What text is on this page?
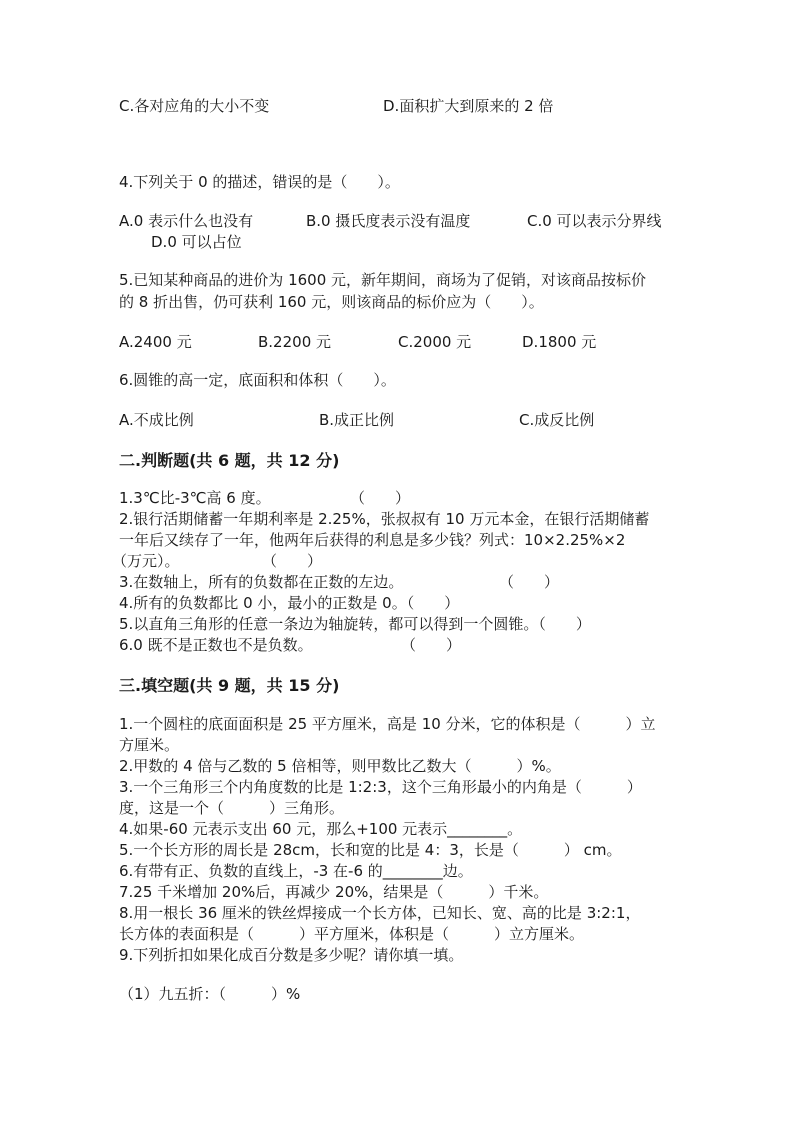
C.各对应角的大小不变	D.面积扩大到原来的 2 倍
4.下列关于 0 的描述，错误的是（　　）。
A.0 表示什么也没有	B.0 摄氏度表示没有温度	C.0 可以表示分界线
D.0 可以占位
5.已知某种商品的进价为 1600 元，新年期间，商场为了促销，对该商品按标价
的 8 折出售，仍可获利 160 元，则该商品的标价应为（　　）。
A.2400 元	B.2200 元	C.2000 元	D.1800 元
6.圆锥的高一定，底面积和体积（　　）。
A.不成比例	B.成正比例	C.成反比例
二.判断题(共 6 题，共 12 分)
1.3℃比-3℃高 6 度。	（　　）
2.银行活期储蓄一年期利率是 2.25%，张叔叔有 10 万元本金，在银行活期储蓄
一年后又续存了一年，他两年后获得的利息是多少钱？列式：10×2.25%×2
（万元）。	（　　）
3.在数轴上，所有的负数都在正数的左边。	（　　）
4.所有的负数都比 0 小，最小的正数是 0。（　　）
5.以直角三角形的任意一条边为轴旋转，都可以得到一个圆锥。（　　）
6.0 既不是正数也不是负数。	（　　）
三.填空题(共 9 题，共 15 分)
1.一个圆柱的底面面积是 25 平方厘米，高是 10 分米，它的体积是（　　　）立
方厘米。
2.甲数的 4 倍与乙数的 5 倍相等，则甲数比乙数大（　　　）%。
3.一个三角形三个内角度数的比是 1:2:3，这个三角形最小的内角是（　　　）
度，这是一个（　　　）三角形。
4.如果-60 元表示支出 60 元，那么+100 元表示________。
5.一个长方形的周长是 28cm，长和宽的比是 4：3，长是（　　　） cm。
6.有带有正、负数的直线上，-3 在-6 的________边。
7.25 千米增加 20%后，再减少 20%，结果是（　　　）千米。
8.用一根长 36 厘米的铁丝焊接成一个长方体，已知长、宽、高的比是 3:2:1，
长方体的表面积是（　　　）平方厘米，体积是（　　　）立方厘米。
9.下列折扣如果化成百分数是多少呢？请你填一填。
（1）九五折：（　　　）%
